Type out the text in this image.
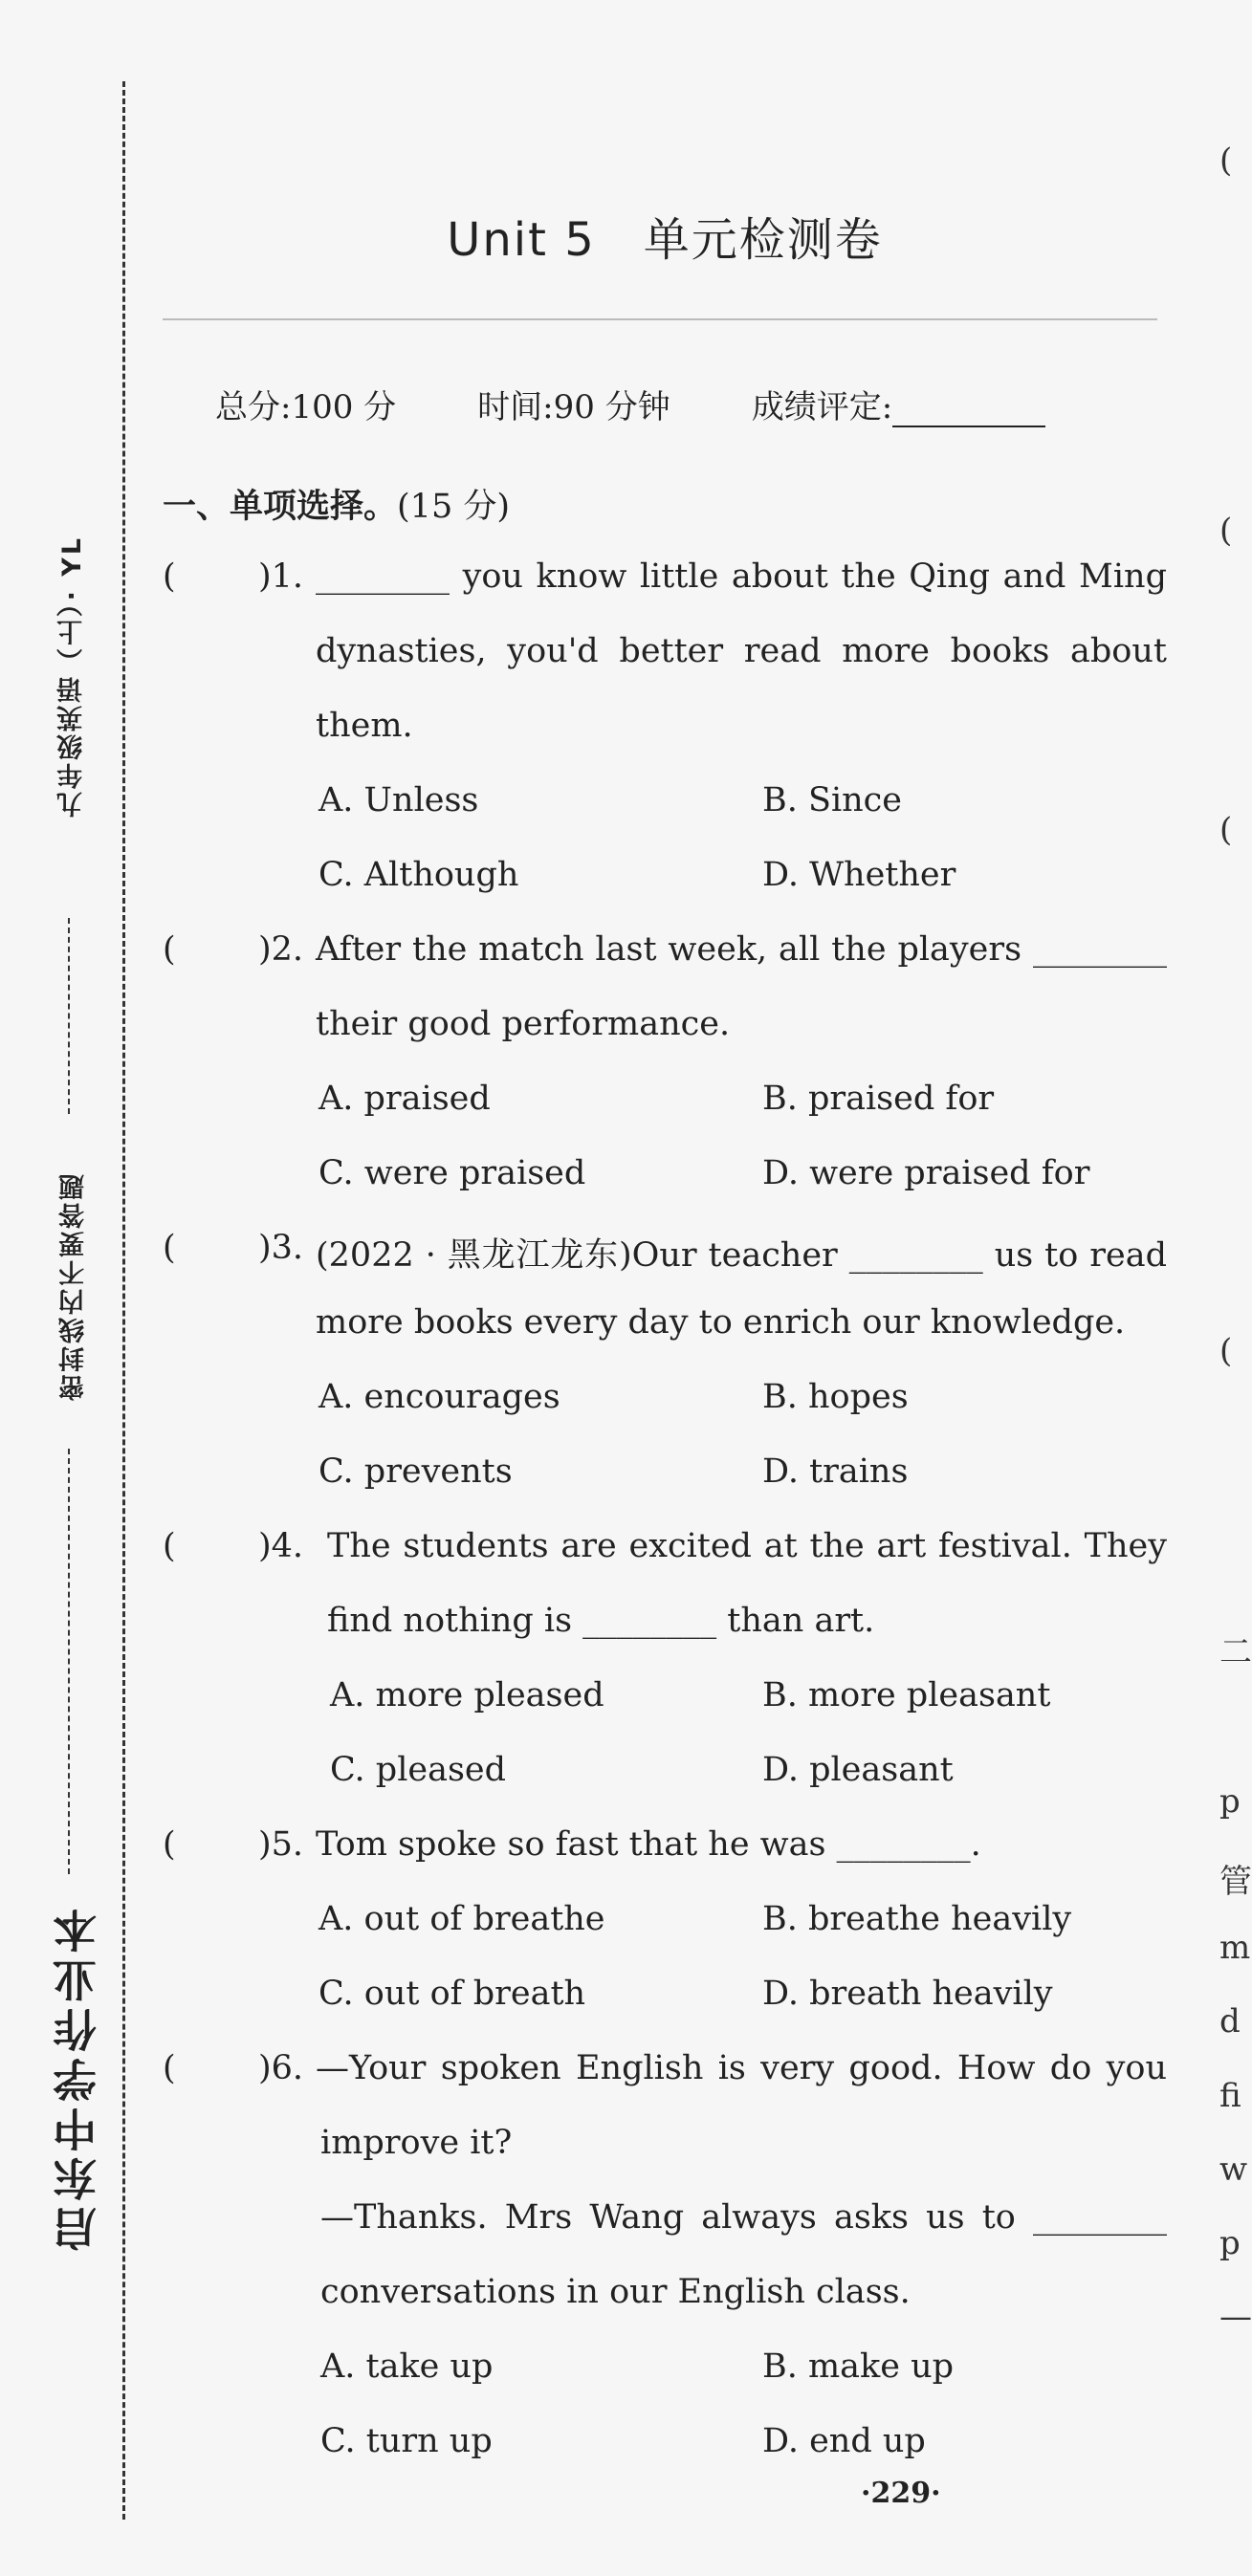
九年级英语（上）· YL
密封线内不要答题
启东中学作业本
Unit 5　单元检测卷
总分:100 分	时间:90 分钟	成绩评定:
一、单项选择。(15 分)
( )1. ________ you know little about the Qing and Ming
dynasties, you'd better read more books about
them.
A. Unless	B. Since
C. Although	D. Whether
( )2. After the match last week, all the players ________
their good performance.
A. praised	B. praised for
C. were praised	D. were praised for
( )3. (2022 · 黑龙江龙东)Our teacher ________ us to read
more books every day to enrich our knowledge.
A. encourages	B. hopes
C. prevents	D. trains
( )4. The students are excited at the art festival. They
find nothing is ________ than art.
A. more pleased	B. more pleasant
C. pleased	D. pleasant
( )5. Tom spoke so fast that he was ________.
A. out of breathe	B. breathe heavily
C. out of breath	D. breath heavily
( )6. —Your spoken English is very good. How do you
improve it?
—Thanks. Mrs Wang always asks us to ________
conversations in our English class.
A. take up	B. make up
C. turn up	D. end up
·229·
(
(
(
(
二
p
管
m
d
fi
w
p
—
